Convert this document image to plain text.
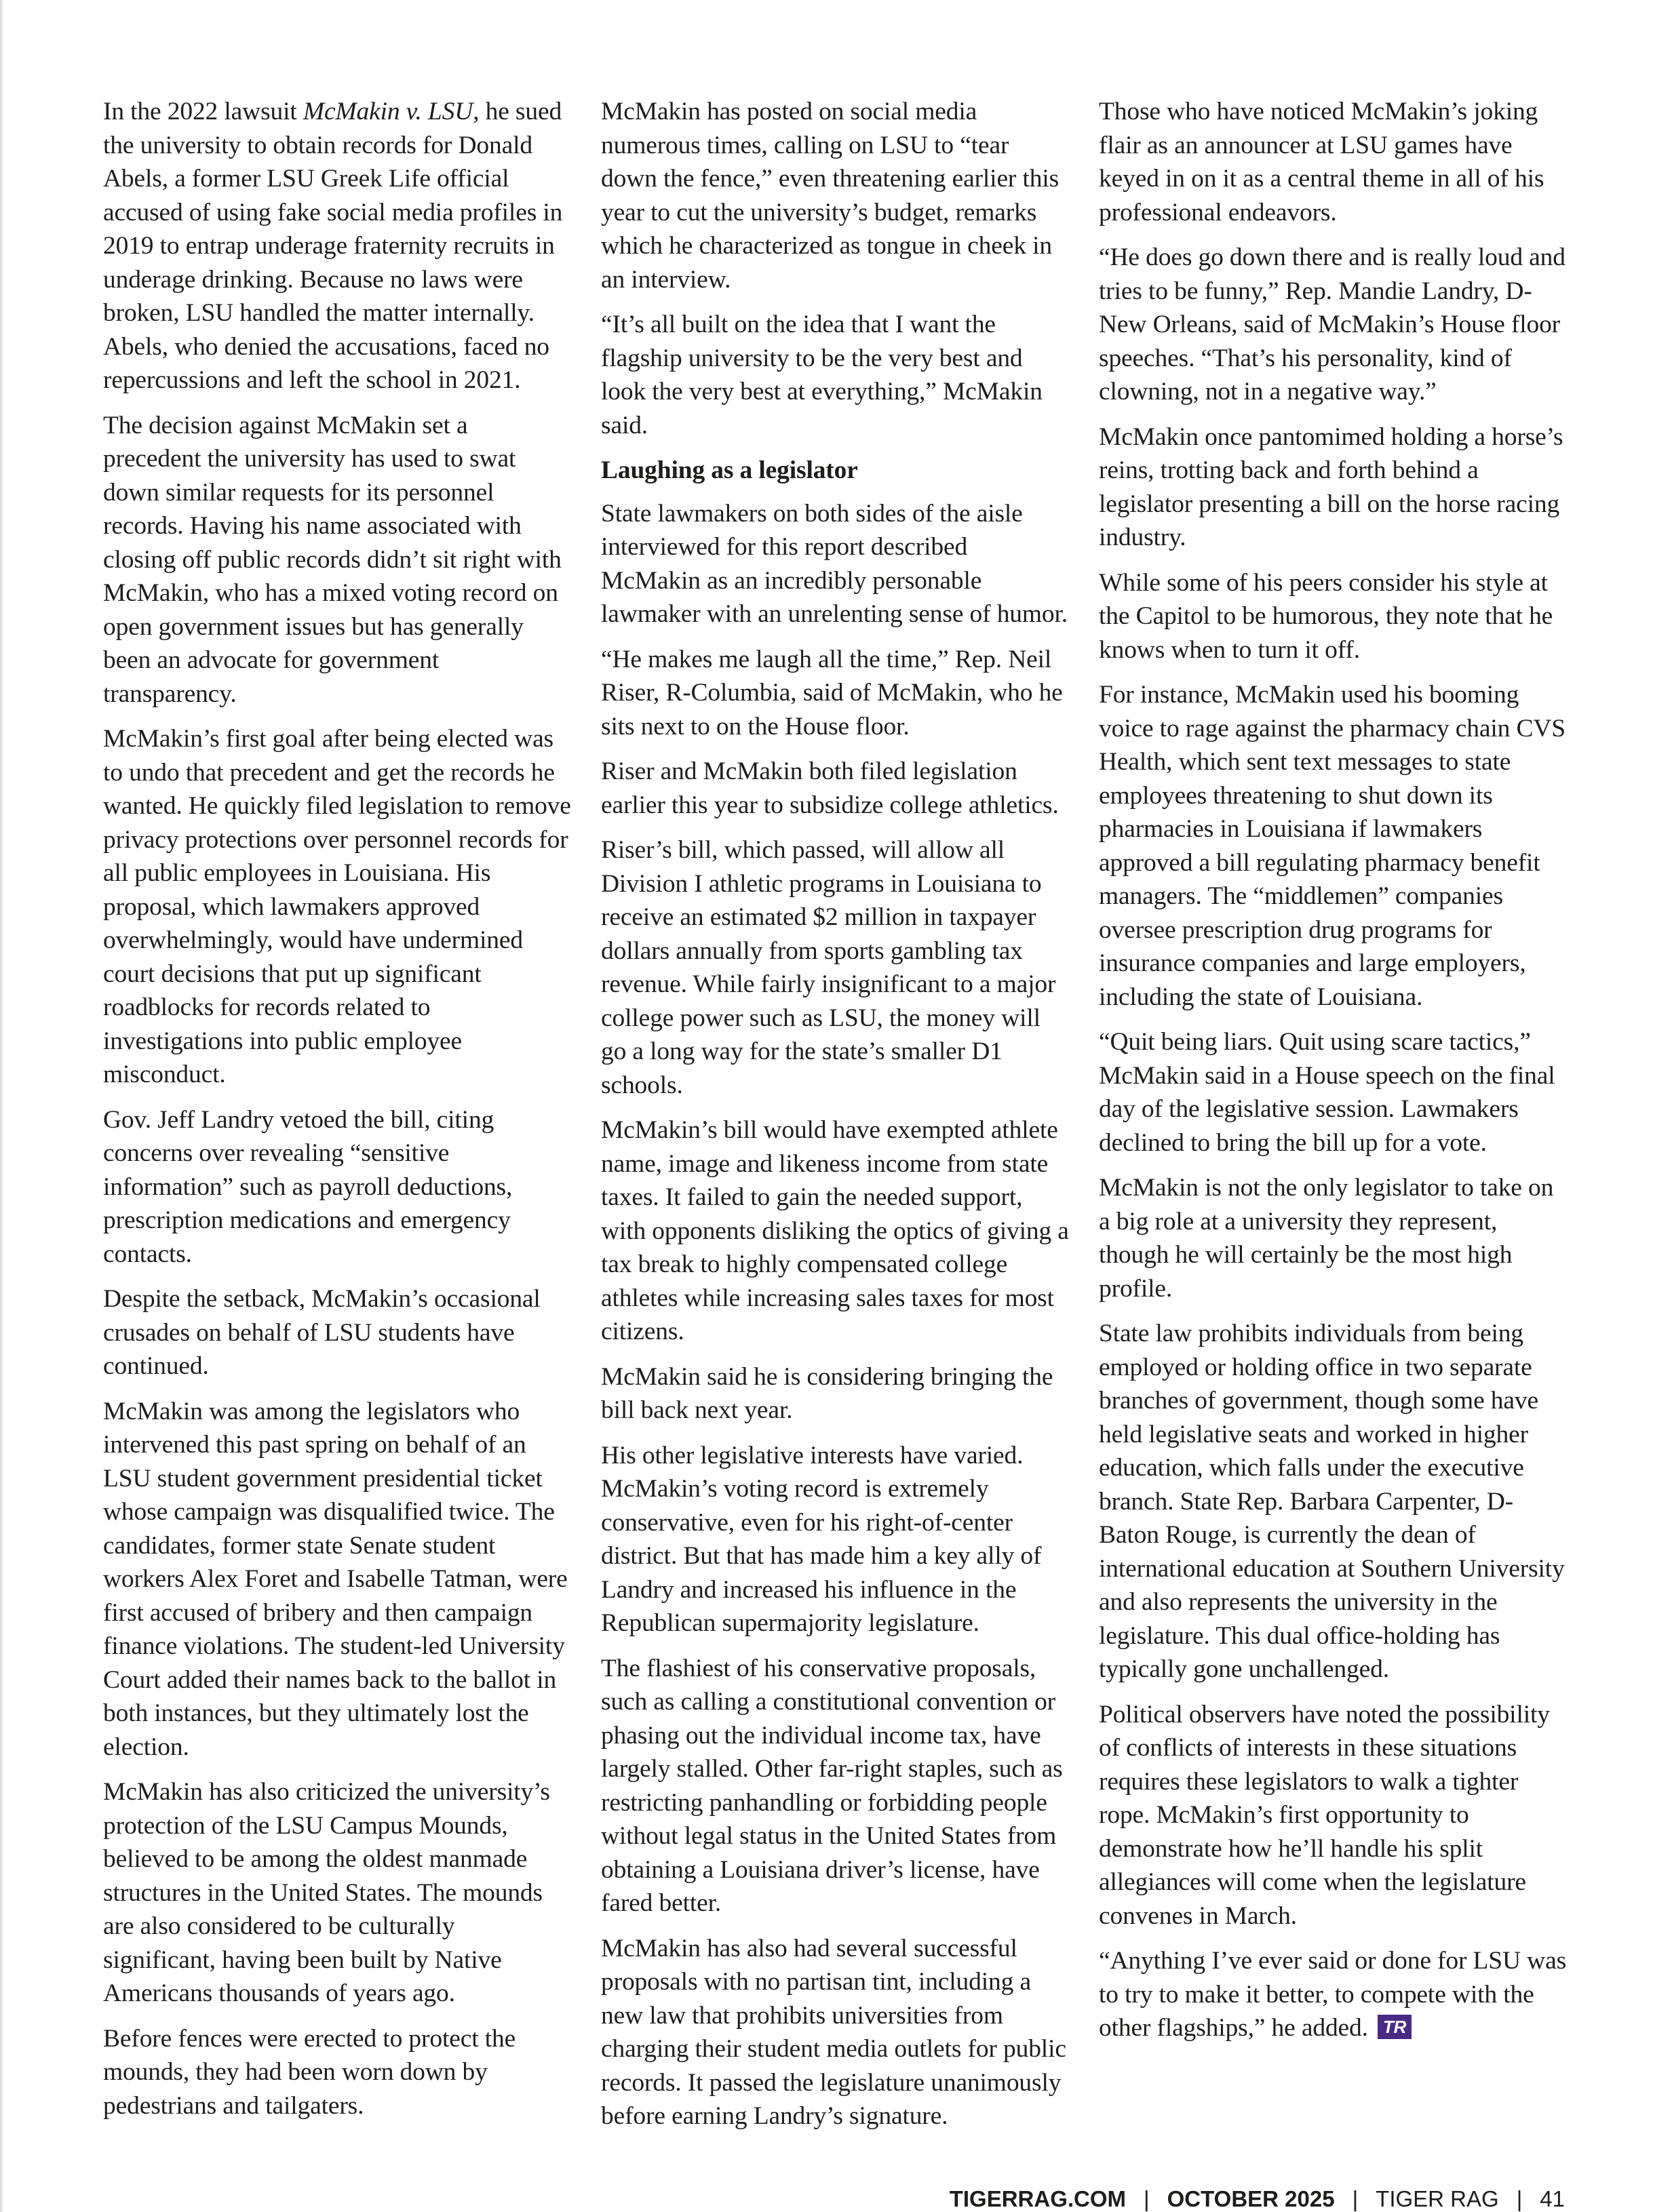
In the 2022 lawsuit McMakin v. LSU, he sued the university to obtain records for Donald Abels, a former LSU Greek Life official accused of using fake social media profiles in 2019 to entrap underage fraternity recruits in underage drinking. Because no laws were broken, LSU handled the matter internally. Abels, who denied the accusations, faced no repercussions and left the school in 2021.

The decision against McMakin set a precedent the university has used to swat down similar requests for its personnel records. Having his name associated with closing off public records didn’t sit right with McMakin, who has a mixed voting record on open government issues but has generally been an advocate for government transparency.

McMakin’s first goal after being elected was to undo that precedent and get the records he wanted. He quickly filed legislation to remove privacy protections over personnel records for all public employees in Louisiana. His proposal, which lawmakers approved overwhelmingly, would have undermined court decisions that put up significant roadblocks for records related to investigations into public employee misconduct.

Gov. Jeff Landry vetoed the bill, citing concerns over revealing “sensitive information” such as payroll deductions, prescription medications and emergency contacts.

Despite the setback, McMakin’s occasional crusades on behalf of LSU students have continued.

McMakin was among the legislators who intervened this past spring on behalf of an LSU student government presidential ticket whose campaign was disqualified twice. The candidates, former state Senate student workers Alex Foret and Isabelle Tatman, were first accused of bribery and then campaign finance violations. The student-led University Court added their names back to the ballot in both instances, but they ultimately lost the election.

McMakin has also criticized the university’s protection of the LSU Campus Mounds, believed to be among the oldest manmade structures in the United States. The mounds are also considered to be culturally significant, having been built by Native Americans thousands of years ago.

Before fences were erected to protect the mounds, they had been worn down by pedestrians and tailgaters.

McMakin has posted on social media numerous times, calling on LSU to “tear down the fence,” even threatening earlier this year to cut the university’s budget, remarks which he characterized as tongue in cheek in an interview.

“It’s all built on the idea that I want the flagship university to be the very best and look the very best at everything,” McMakin said.

Laughing as a legislator

State lawmakers on both sides of the aisle interviewed for this report described McMakin as an incredibly personable lawmaker with an unrelenting sense of humor.

“He makes me laugh all the time,” Rep. Neil Riser, R-Columbia, said of McMakin, who he sits next to on the House floor.

Riser and McMakin both filed legislation earlier this year to subsidize college athletics.

Riser’s bill, which passed, will allow all Division I athletic programs in Louisiana to receive an estimated $2 million in taxpayer dollars annually from sports gambling tax revenue. While fairly insignificant to a major college power such as LSU, the money will go a long way for the state’s smaller D1 schools.

McMakin’s bill would have exempted athlete name, image and likeness income from state taxes. It failed to gain the needed support, with opponents disliking the optics of giving a tax break to highly compensated college athletes while increasing sales taxes for most citizens.

McMakin said he is considering bringing the bill back next year.

His other legislative interests have varied. McMakin’s voting record is extremely conservative, even for his right-of-center district. But that has made him a key ally of Landry and increased his influence in the Republican supermajority legislature.

The flashiest of his conservative proposals, such as calling a constitutional convention or phasing out the individual income tax, have largely stalled. Other far-right staples, such as restricting panhandling or forbidding people without legal status in the United States from obtaining a Louisiana driver’s license, have fared better.

McMakin has also had several successful proposals with no partisan tint, including a new law that prohibits universities from charging their student media outlets for public records. It passed the legislature unanimously before earning Landry’s signature.

Those who have noticed McMakin’s joking flair as an announcer at LSU games have keyed in on it as a central theme in all of his professional endeavors.

“He does go down there and is really loud and tries to be funny,” Rep. Mandie Landry, D-New Orleans, said of McMakin’s House floor speeches. “That’s his personality, kind of clowning, not in a negative way.”

McMakin once pantomimed holding a horse’s reins, trotting back and forth behind a legislator presenting a bill on the horse racing industry.

While some of his peers consider his style at the Capitol to be humorous, they note that he knows when to turn it off.

For instance, McMakin used his booming voice to rage against the pharmacy chain CVS Health, which sent text messages to state employees threatening to shut down its pharmacies in Louisiana if lawmakers approved a bill regulating pharmacy benefit managers. The “middlemen” companies oversee prescription drug programs for insurance companies and large employers, including the state of Louisiana.

“Quit being liars. Quit using scare tactics,” McMakin said in a House speech on the final day of the legislative session. Lawmakers declined to bring the bill up for a vote.

McMakin is not the only legislator to take on a big role at a university they represent, though he will certainly be the most high profile.

State law prohibits individuals from being employed or holding office in two separate branches of government, though some have held legislative seats and worked in higher education, which falls under the executive branch. State Rep. Barbara Carpenter, D-Baton Rouge, is currently the dean of international education at Southern University and also represents the university in the legislature. This dual office-holding has typically gone unchallenged.

Political observers have noted the possibility of conflicts of interests in these situations requires these legislators to walk a tighter rope. McMakin’s first opportunity to demonstrate how he’ll handle his split allegiances will come when the legislature convenes in March.

“Anything I’ve ever said or done for LSU was to try to make it better, to compete with the other flagships,” he added. TR

TIGERRAG.COM | OCTOBER 2025 | TIGER RAG | 41
